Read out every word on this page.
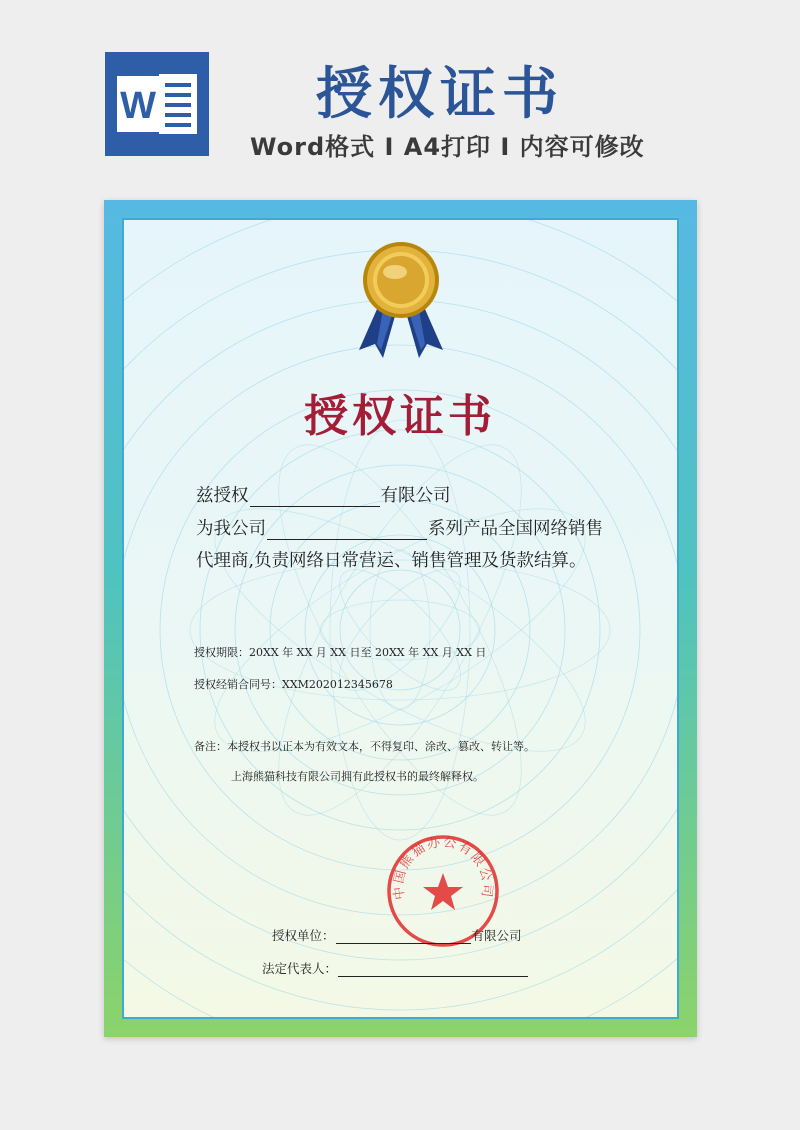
W	授权证书
Word格式 I A4打印 I 内容可修改
授权证书
兹授权	有限公司
为我公司	系列产品全国网络销售
代理商,负责网络日常营运、销售管理及货款结算。
授权期限：20XX 年 XX 月 XX 日至 20XX 年 XX 月 XX 日
授权经销合同号：XXM202012345678
备注：本授权书以正本为有效文本，不得复印、涂改、篡改、转让等。
上海熊猫科技有限公司拥有此授权书的最终解释权。
中国熊猫办公有限公司
授权单位：	有限公司
法定代表人：
